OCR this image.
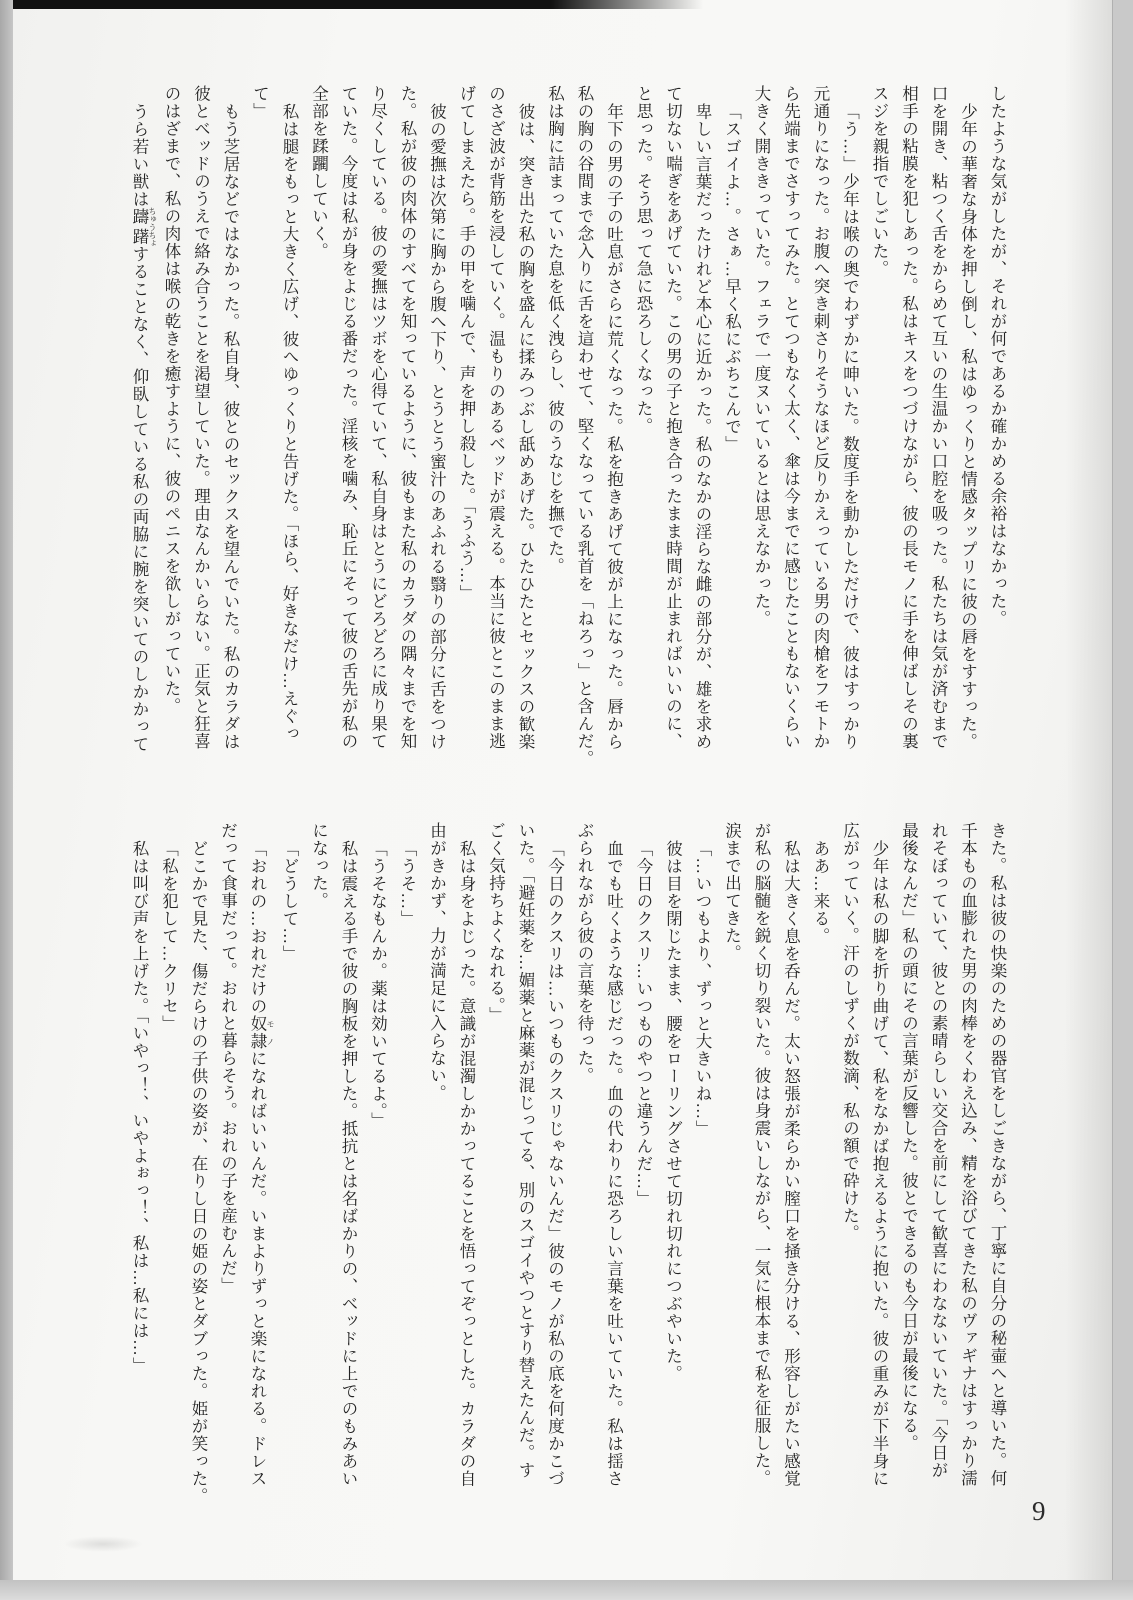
したような気がしたが、それが何であるか確かめる余裕はなかった。

少年の華奢な身体を押し倒し、私はゆっくりと情感タップリに彼の唇をすすった。

口を開き、粘つく舌をからめて互いの生温かい口腔を吸った。私たちは気が済むまで

相手の粘膜を犯しあった。私はキスをつづけながら、彼の長モノに手を伸ばしその裏

スジを親指でしごいた。

「う…」少年は喉の奥でわずかに呻いた。数度手を動かしただけで、彼はすっかり

元通りになった。お腹へ突き刺さりそうなほど反りかえっている男の肉槍をフモトか

ら先端までさすってみた。とてつもなく太く、傘は今までに感じたこともないくらい

大きく開ききっていた。フェラで一度ヌいているとは思えなかった。

「スゴイよ…。さぁ…早く私にぶちこんで」

卑しい言葉だったけれど本心に近かった。私のなかの淫らな雌の部分が、雄を求め

て切ない喘ぎをあげていた。この男の子と抱き合ったまま時間が止まればいいのに、

と思った。そう思って急に恐ろしくなった。

年下の男の子の吐息がさらに荒くなった。私を抱きあげて彼が上になった。唇から

私の胸の谷間まで念入りに舌を這わせて、堅くなっている乳首を「ねろっ」と含んだ。

私は胸に詰まっていた息を低く洩らし、彼のうなじを撫でた。

彼は、突き出た私の胸を盛んに揉みつぶし舐めあげた。ひたひたとセックスの歓楽

のさざ波が背筋を浸していく。温もりのあるベッドが震える。本当に彼とこのまま逃

げてしまえたら。手の甲を噛んで、声を押し殺した。「うふう…」

彼の愛撫は次第に胸から腹へ下り、とうとう蜜汁のあふれる翳りの部分に舌をつけ

た。私が彼の肉体のすべてを知っているように、彼もまた私のカラダの隅々までを知

り尽くしている。彼の愛撫はツボを心得ていて、私自身はとうにどろどろに成り果て

ていた。今度は私が身をよじる番だった。淫核を噛み、恥丘にそって彼の舌先が私の

全部を蹂躙していく。

私は腿をもっと大きく広げ、彼へゆっくりと告げた。「ほら、好きなだけ…えぐっ

て」

もう芝居などではなかった。私自身、彼とのセックスを望んでいた。私のカラダは

彼とベッドのうえで絡み合うことを渇望していた。理由なんかいらない。正気と狂喜

のはざまで、私の肉体は喉の乾きを癒すように、彼のペニスを欲しがっていた。

うら若い獣は躊躇 ちゅうちょすることなく、仰臥している私の両脇に腕を突いてのしかかって

きた。私は彼の快楽のための器官をしごきながら、丁寧に自分の秘壷へと導いた。何

千本もの血膨れた男の肉棒をくわえ込み、精を浴びてきた私のヴァギナはすっかり濡

れそぼっていて、彼との素晴らしい交合を前にして歓喜にわなないていた。「今日が

最後なんだ」私の頭にその言葉が反響した。彼とできるのも今日が最後になる。

少年は私の脚を折り曲げて、私をなかば抱えるように抱いた。彼の重みが下半身に

広がっていく。汗のしずくが数滴、私の額で砕けた。

ああ…来る。

私は大きく息を呑んだ。太い怒張が柔らかい膣口を掻き分ける、形容しがたい感覚

が私の脳髄を鋭く切り裂いた。彼は身震いしながら、一気に根本まで私を征服した。

涙まで出てきた。

「…いつもより、ずっと大きいね…」

彼は目を閉じたまま、腰をローリングさせて切れ切れにつぶやいた。

「今日のクスリ…いつものやつと違うんだ…」

血でも吐くような感じだった。血の代わりに恐ろしい言葉を吐いていた。私は揺さ

ぶられながら彼の言葉を待った。

「今日のクスリは…いつものクスリじゃないんだ」彼のモノが私の底を何度かこづ

いた。「避妊薬を…媚薬と麻薬が混じってる、別のスゴイやつとすり替えたんだ。す

ごく気持ちよくなれる。」

私は身をよじった。意識が混濁しかかってることを悟ってぞっとした。カラダの自

由がきかず、力が満足に入らない。

「うそ…」

「うそなもんか。薬は効いてるよ。」

私は震える手で彼の胸板を押した。抵抗とは名ばかりの、ベッドに上でのもみあい

になった。

「どうして…」

「おれの…おれだけの奴隷 モノになればいいんだ。いまよりずっと楽になれる。ドレス

だって食事だって。おれと暮らそう。おれの子を産むんだ」

どこかで見た、傷だらけの子供の姿が、在りし日の姫の姿とダブった。姫が笑った。

「私を犯して…クリセ」

私は叫び声を上げた。「いやっ！、いやよぉっ！、私は…私には…」

9
